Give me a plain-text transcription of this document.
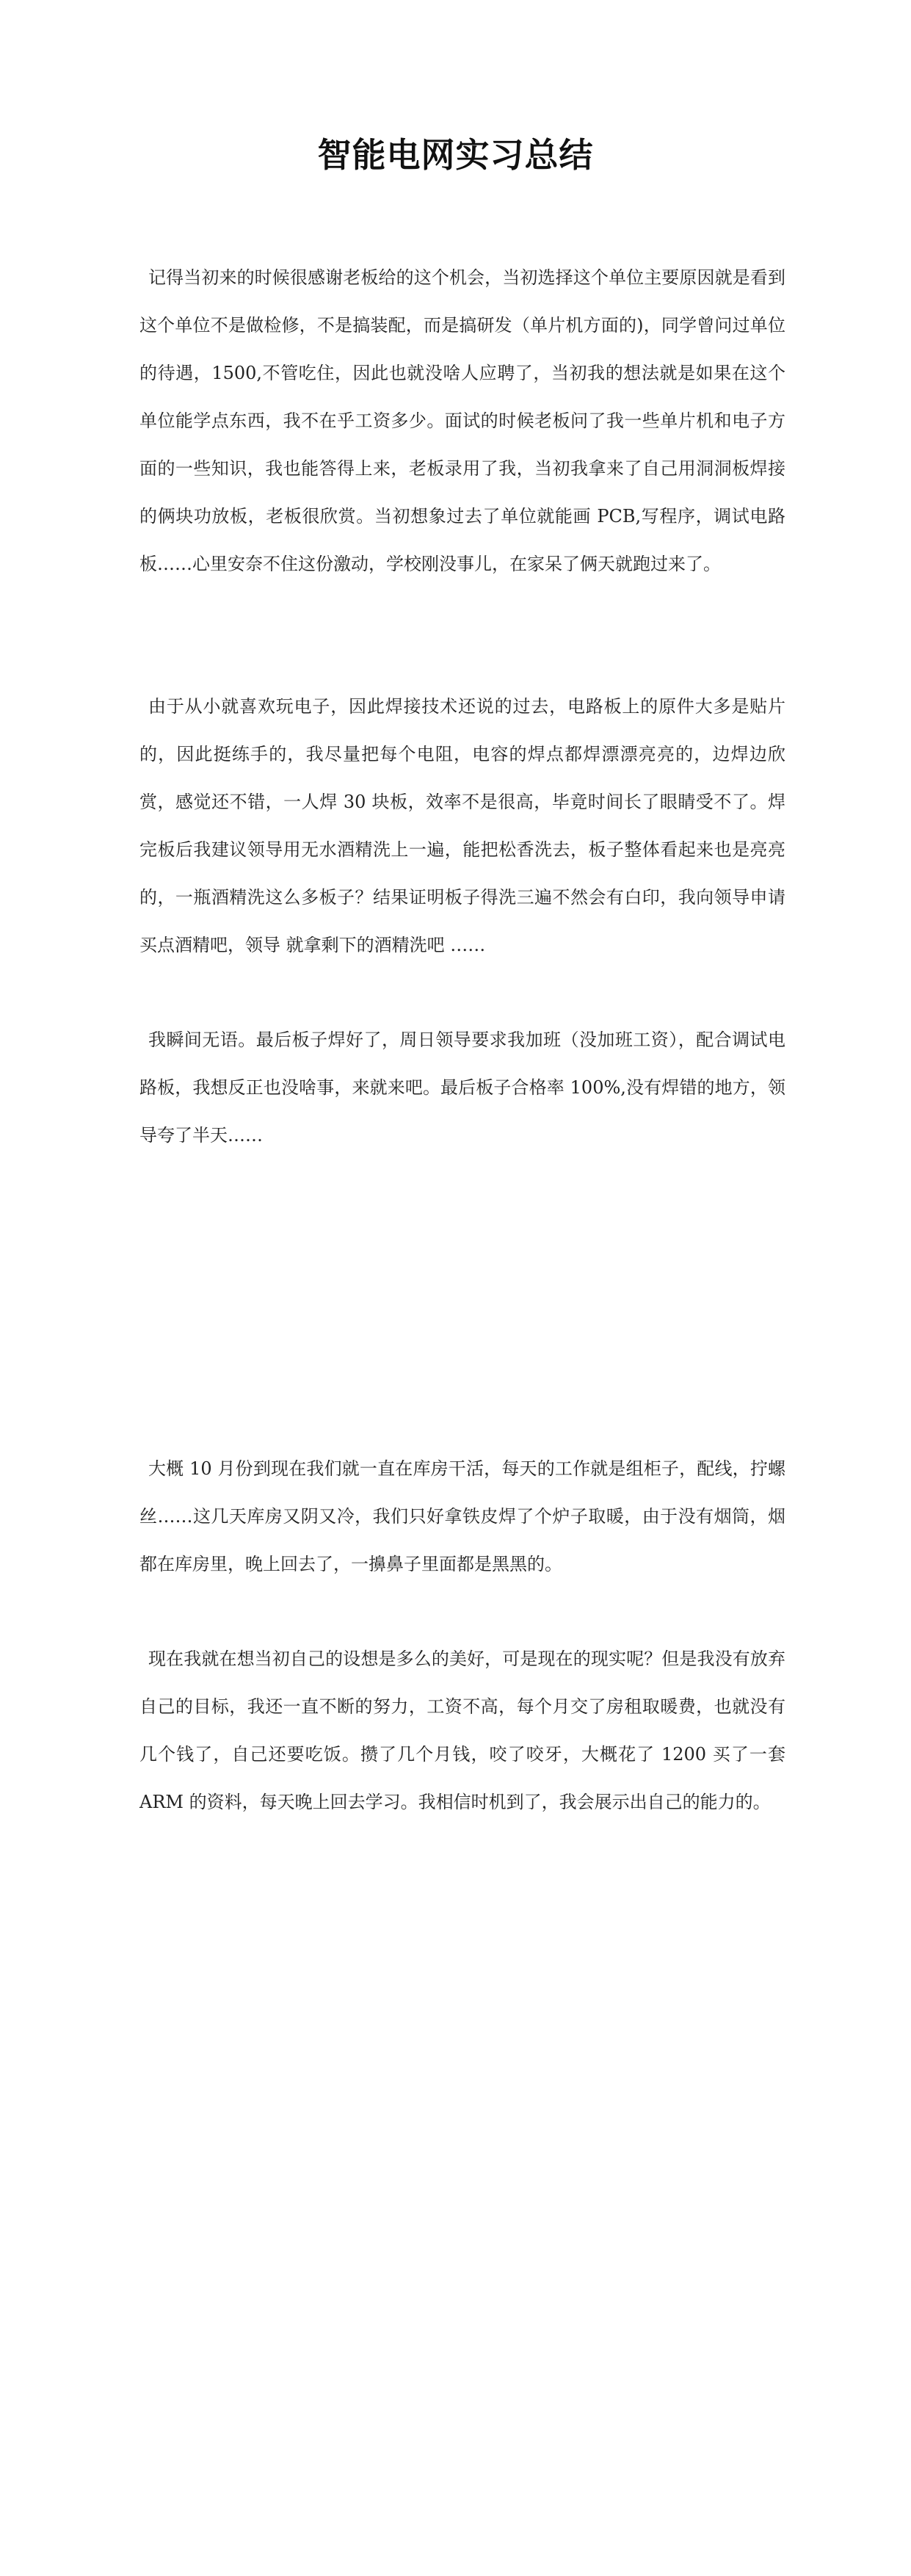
智能电网实习总结

记得当初来的时候很感谢老板给的这个机会，当初选择这个单位主要原因就是看到这个单位不是做检修，不是搞装配，而是搞研发（单片机方面的)，同学曾问过单位的待遇，1500,不管吃住，因此也就没啥人应聘了，当初我的想法就是如果在这个单位能学点东西，我不在乎工资多少。面试的时候老板问了我一些单片机和电子方面的一些知识，我也能答得上来，老板录用了我，当初我拿来了自己用洞洞板焊接的俩块功放板，老板很欣赏。当初想象过去了单位就能画 PCB,写程序，调试电路板……心里安奈不住这份激动，学校刚没事儿，在家呆了俩天就跑过来了。

由于从小就喜欢玩电子，因此焊接技术还说的过去，电路板上的原件大多是贴片的，因此挺练手的，我尽量把每个电阻，电容的焊点都焊漂漂亮亮的，边焊边欣赏，感觉还不错，一人焊 30 块板，效率不是很高，毕竟时间长了眼睛受不了。焊完板后我建议领导用无水酒精洗上一遍，能把松香洗去，板子整体看起来也是亮亮的，一瓶酒精洗这么多板子？结果证明板子得洗三遍不然会有白印，我向领导申请买点酒精吧，领导 就拿剩下的酒精洗吧 ……

我瞬间无语。最后板子焊好了，周日领导要求我加班（没加班工资），配合调试电路板，我想反正也没啥事，来就来吧。最后板子合格率 100%,没有焊错的地方，领导夸了半天……

大概 10 月份到现在我们就一直在库房干活，每天的工作就是组柜子，配线，拧螺丝……这几天库房又阴又冷，我们只好拿铁皮焊了个炉子取暖，由于没有烟筒，烟都在库房里，晚上回去了，一擤鼻子里面都是黑黑的。

现在我就在想当初自己的设想是多么的美好，可是现在的现实呢？但是我没有放弃自己的目标，我还一直不断的努力，工资不高，每个月交了房租取暖费，也就没有几个钱了，自己还要吃饭。攒了几个月钱，咬了咬牙，大概花了 1200 买了一套 ARM 的资料，每天晚上回去学习。我相信时机到了，我会展示出自己的能力的。
